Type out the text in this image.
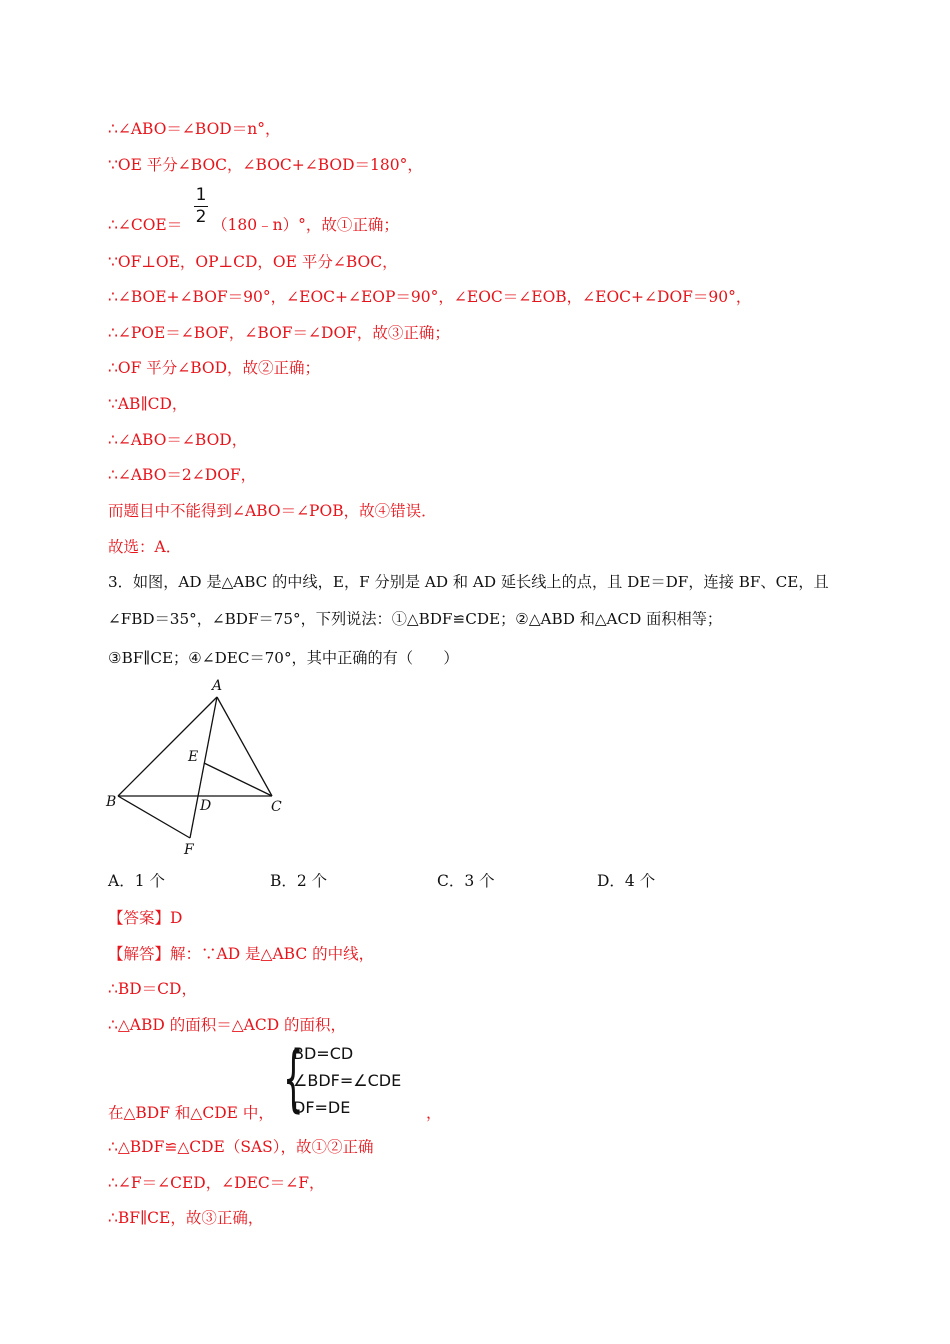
∴∠ABO＝∠BOD＝n°，
∵OE 平分∠BOC，∠BOC+∠BOD＝180°，
∴∠COE＝
1
2 （180﹣n）°，故①正确；
∵OF⊥OE，OP⊥CD，OE 平分∠BOC，
∴∠BOE+∠BOF＝90°，∠EOC+∠EOP＝90°，∠EOC＝∠EOB，∠EOC+∠DOF＝90°，
∴∠POE＝∠BOF，∠BOF＝∠DOF，故③正确；
∴OF 平分∠BOD，故②正确；
∵AB∥CD，
∴∠ABO＝∠BOD，
∴∠ABO＝2∠DOF，
而题目中不能得到∠ABO＝∠POB，故④错误．
故选：A．
3．如图，AD 是△ABC 的中线，E，F 分别是 AD 和 AD 延长线上的点，且 DE＝DF，连接 BF、CE，且
∠FBD＝35°，∠BDF＝75°，下列说法：①△BDF≌CDE；②△ABD 和△ACD 面积相等；
③BF∥CE；④∠DEC＝70°，其中正确的有（　　）
A
B	C
D
E
F
A．1 个	B．2 个	C．3 个	D．4 个
【答案】D
【解答】解：∵AD 是△ABC 的中线，
∴BD＝CD，
∴△ABD 的面积＝△ACD 的面积，
{
BD=CD
∠BDF=∠CDE
DF=DE
在△BDF 和△CDE 中，	，
∴△BDF≌△CDE（SAS），故①②正确
∴∠F＝∠CED，∠DEC＝∠F，
∴BF∥CE，故③正确，
